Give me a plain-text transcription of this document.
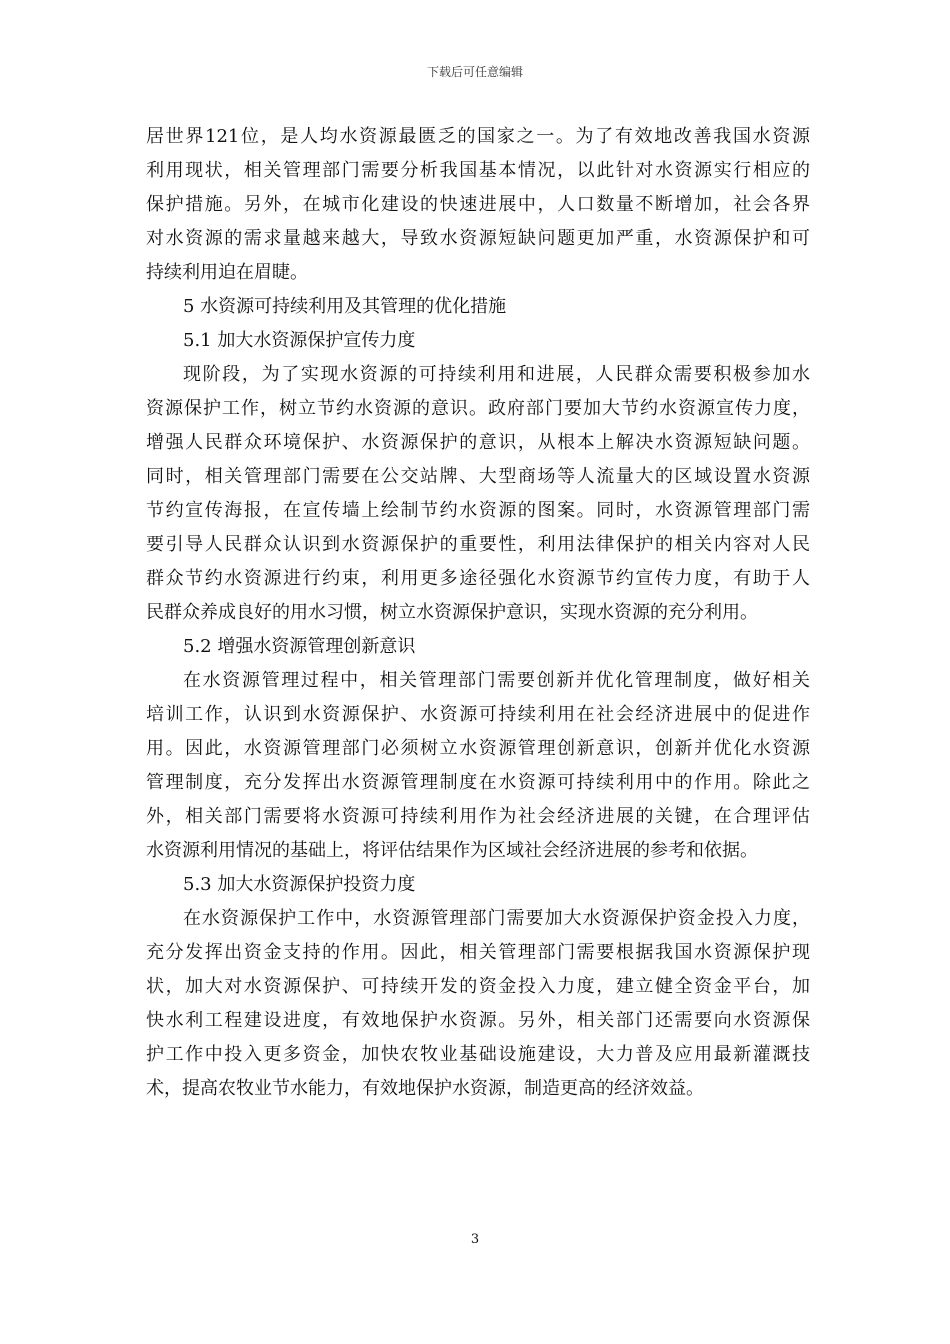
下载后可任意编辑
居世界121位，是人均水资源最匮乏的国家之一。为了有效地改善我国水资源
利用现状，相关管理部门需要分析我国基本情况，以此针对水资源实行相应的
保护措施。另外，在城市化建设的快速进展中，人口数量不断增加，社会各界
对水资源的需求量越来越大，导致水资源短缺问题更加严重，水资源保护和可
持续利用迫在眉睫。
5 水资源可持续利用及其管理的优化措施
5.1 加大水资源保护宣传力度
现阶段，为了实现水资源的可持续利用和进展，人民群众需要积极参加水
资源保护工作，树立节约水资源的意识。政府部门要加大节约水资源宣传力度，
增强人民群众环境保护、水资源保护的意识，从根本上解决水资源短缺问题。
同时，相关管理部门需要在公交站牌、大型商场等人流量大的区域设置水资源
节约宣传海报，在宣传墙上绘制节约水资源的图案。同时，水资源管理部门需
要引导人民群众认识到水资源保护的重要性，利用法律保护的相关内容对人民
群众节约水资源进行约束，利用更多途径强化水资源节约宣传力度，有助于人
民群众养成良好的用水习惯，树立水资源保护意识，实现水资源的充分利用。
5.2 增强水资源管理创新意识
在水资源管理过程中，相关管理部门需要创新并优化管理制度，做好相关
培训工作，认识到水资源保护、水资源可持续利用在社会经济进展中的促进作
用。因此，水资源管理部门必须树立水资源管理创新意识，创新并优化水资源
管理制度，充分发挥出水资源管理制度在水资源可持续利用中的作用。除此之
外，相关部门需要将水资源可持续利用作为社会经济进展的关键，在合理评估
水资源利用情况的基础上，将评估结果作为区域社会经济进展的参考和依据。
5.3 加大水资源保护投资力度
在水资源保护工作中，水资源管理部门需要加大水资源保护资金投入力度，
充分发挥出资金支持的作用。因此，相关管理部门需要根据我国水资源保护现
状，加大对水资源保护、可持续开发的资金投入力度，建立健全资金平台，加
快水利工程建设进度，有效地保护水资源。另外，相关部门还需要向水资源保
护工作中投入更多资金，加快农牧业基础设施建设，大力普及应用最新灌溉技
术，提高农牧业节水能力，有效地保护水资源，制造更高的经济效益。
3
